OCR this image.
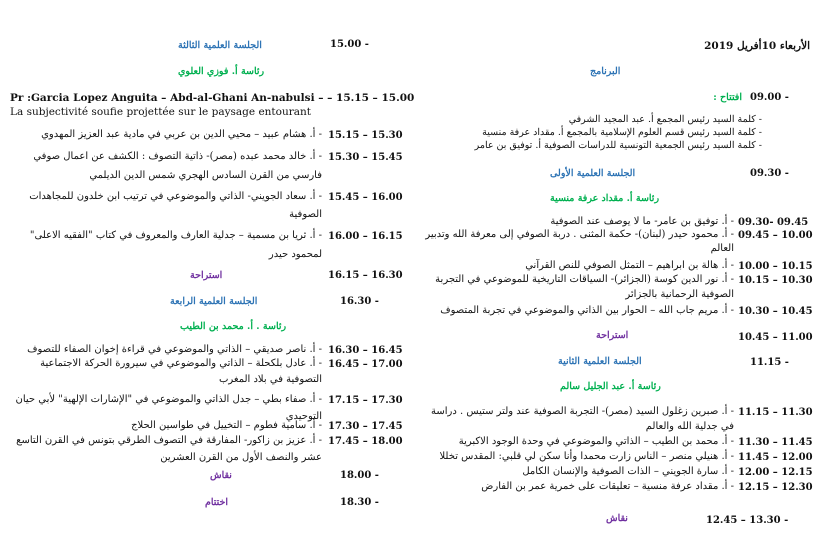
15.00 -
الجلسة العلمية الثالثة
رئاسة أ. فوزي العلوي
Pr :Garcia Lopez Anguita – Abd-al-Ghani An-nabulsi – – 15.15 – 15.00
La subjectivité soufie projettée sur le paysage entourant
15.15 – 15.30
- أ. هشام عبيد – محيي الدين بن عربي في مادية عبد العزيز المهدوي
15.30 – 15.45
- أ. خالد محمد عبده (مصر)- ذاتية التصوف : الكشف عن اعمال صوفي
فارسي من القرن السادس الهجري شمس الدين الديلمي
15.45 – 16.00
- أ. سعاد الجويني- الذاتي والموضوعي في ترتيب ابن خلدون للمجاهدات
الصوفية
16.00 – 16.15
- أ. ثريا بن مسمية – جدلية العارف والمعروف في كتاب "الفقيه الاعلى"
لمحمود حيدر
16.15 – 16.30
استراحة
16.30 -
الجلسة العلمية الرابعة
رئاسة . أ. محمد بن الطيب
16.30 – 16.45
- أ. ناصر صديقي – الذاتي والموضوعي في قراءة إخوان الصفاء للتصوف
16.45 – 17.00
- أ. عادل بلكحلة – الذاتي والموضوعي في سيرورة الحركة الاجتماعية
التصوفية في بلاد المغرب
17.15 – 17.30
- أ. صفاء بطي – جدل الذاتي والموضوعي في "الإشارات الإلهية" لأبي حيان
التوحيدي
17.30 – 17.45
- أ. سامية فطوم – التخييل في طواسين الحلاج
17.45 – 18.00
- أ. عزيز بن زاكور- المفارقة في التصوف الطرقي بتونس في القرن التاسع
عشر والنصف الأول من القرن العشرين
18.00 -
نقاش
18.30 -
اختتام
الأربعاء 10أفريل 2019
البرنامج
09.00 -
افتتاح :
- كلمة السيد رئيس المجمع أ. عبد المجيد الشرفي
- كلمة السيد رئيس قسم العلوم الإسلامية بالمجمع أ. مقداد عرفة منسية
- كلمة السيد رئيس الجمعية التونسية للدراسات الصوفية أ. توفيق بن عامر
09.30 -
الجلسة العلمية الأولى
رئاسة أ. مقداد عرفة منسية
09.30- 09.45
- أ. توفيق بن عامر- ما لا يوصف عند الصوفية
09.45 – 10.00
- أ. محمود حيدر (لبنان)- حكمة المثنى . دربة الصوفي إلى معرفة الله وتدبير
العالم
10.00 – 10.15
- أ. هالة بن ابراهيم – التمثل الصوفي للنص القرآني
10.15 – 10.30
- أ. نور الدين كوسة (الجزائر)- السياقات التاريخية للموضوعي في التجربة
الصوفية الرحمانية بالجزائر
10.30 – 10.45
- أ. مريم جاب الله – الحوار بين الذاتي والموضوعي في تجربة المتصوف
10.45 – 11.00
استراحة
11.15 -
الجلسة العلمية الثانية
رئاسة أ. عبد الجليل سالم
11.15 – 11.30
- أ. صبرين زغلول السيد (مصر)- التجربة الصوفية عند ولتر ستيس . دراسة
في جدلية الله والعالم
11.30 – 11.45
- أ. محمد بن الطيب – الذاتي والموضوعي في وحدة الوجود الاكبرية
11.45 – 12.00
- أ. هنيلي منصر – الناس زارت محمدا وأنا سكن لي قلبي: المقدس تخللا
12.00 – 12.15
- أ. سارة الجويني – الذات الصوفية والإنسان الكامل
12.15 – 12.30
- أ. مقداد عرفة منسية – تعليقات على خمرية عمر بن الفارض
12.45 – 13.30 -
نقاش
